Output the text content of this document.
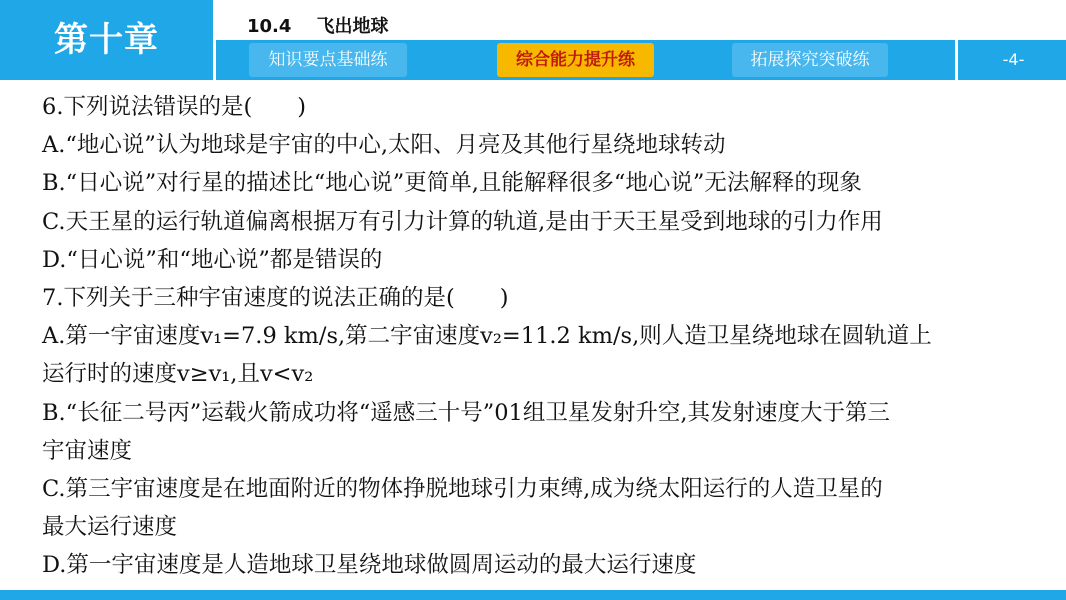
第十章	10.4    飞出地球
知识要点基础练	综合能力提升练	拓展探究突破练	-4-
6.下列说法错误的是(　　)
A.“地心说”认为地球是宇宙的中心,太阳、月亮及其他行星绕地球转动
B.“日心说”对行星的描述比“地心说”更简单,且能解释很多“地心说”无法解释的现象
C.天王星的运行轨道偏离根据万有引力计算的轨道,是由于天王星受到地球的引力作用
D.“日心说”和“地心说”都是错误的
7.下列关于三种宇宙速度的说法正确的是(　　)
A.第一宇宙速度v₁=7.9 km/s,第二宇宙速度v₂=11.2 km/s,则人造卫星绕地球在圆轨道上
运行时的速度v≥v₁,且v<v₂
B.“长征二号丙”运载火箭成功将“遥感三十号”01组卫星发射升空,其发射速度大于第三
宇宙速度
C.第三宇宙速度是在地面附近的物体挣脱地球引力束缚,成为绕太阳运行的人造卫星的
最大运行速度
D.第一宇宙速度是人造地球卫星绕地球做圆周运动的最大运行速度
